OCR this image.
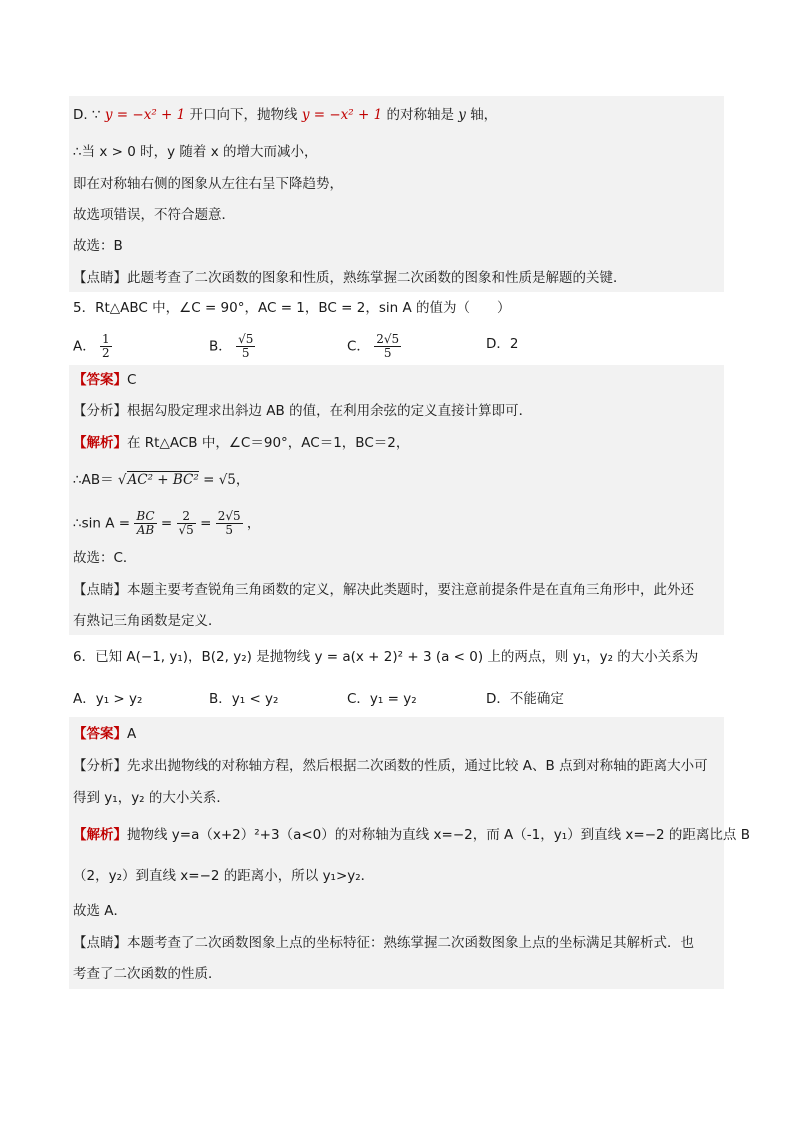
D. ∵ y = −x² + 1 开口向下，抛物线 y = −x² + 1 的对称轴是 y 轴，
∴当 x > 0 时，y 随着 x 的增大而减小，
即在对称轴右侧的图象从左往右呈下降趋势，
故选项错误，不符合题意．
故选：B
【点睛】此题考查了二次函数的图象和性质，熟练掌握二次函数的图象和性质是解题的关键．
5．Rt△ABC 中，∠C = 90°，AC = 1，BC = 2，sin A 的值为（　　）
A． $\frac{1}{2}$	B． $\frac{√5}{5}$	C． $\frac{2√5}{5}$	D．2
【答案】C
【分析】根据勾股定理求出斜边 AB 的值，在利用余弦的定义直接计算即可．
【解析】在 Rt△ACB 中，∠C＝90°，AC＝1，BC＝2，
∴AB＝ √AC² + BC² = √5，
∴sin $A = \frac{BC}{AB} = \frac{2}{√5} = \frac{2√5}{5}$ ，
故选：C．
【点睛】本题主要考查锐角三角函数的定义，解决此类题时，要注意前提条件是在直角三角形中，此外还
有熟记三角函数是定义．
6．已知 A(−1, y₁)，B(2, y₂) 是抛物线 y = a(x + 2)² + 3 (a < 0) 上的两点，则 y₁，y₂ 的大小关系为
A．y₁ > y₂	B．y₁ < y₂	C．y₁ = y₂	D．不能确定
【答案】A
【分析】先求出抛物线的对称轴方程，然后根据二次函数的性质，通过比较 A、B 点到对称轴的距离大小可
得到 y₁，y₂ 的大小关系．
【解析】抛物线 y=a（x+2）²+3（a<0）的对称轴为直线 x=−2，而 A（-1，y₁）到直线 x=−2 的距离比点 B
（2，y₂）到直线 x=−2 的距离小，所以 y₁>y₂．
故选 A．
【点睛】本题考查了二次函数图象上点的坐标特征：熟练掌握二次函数图象上点的坐标满足其解析式．也
考查了二次函数的性质．
